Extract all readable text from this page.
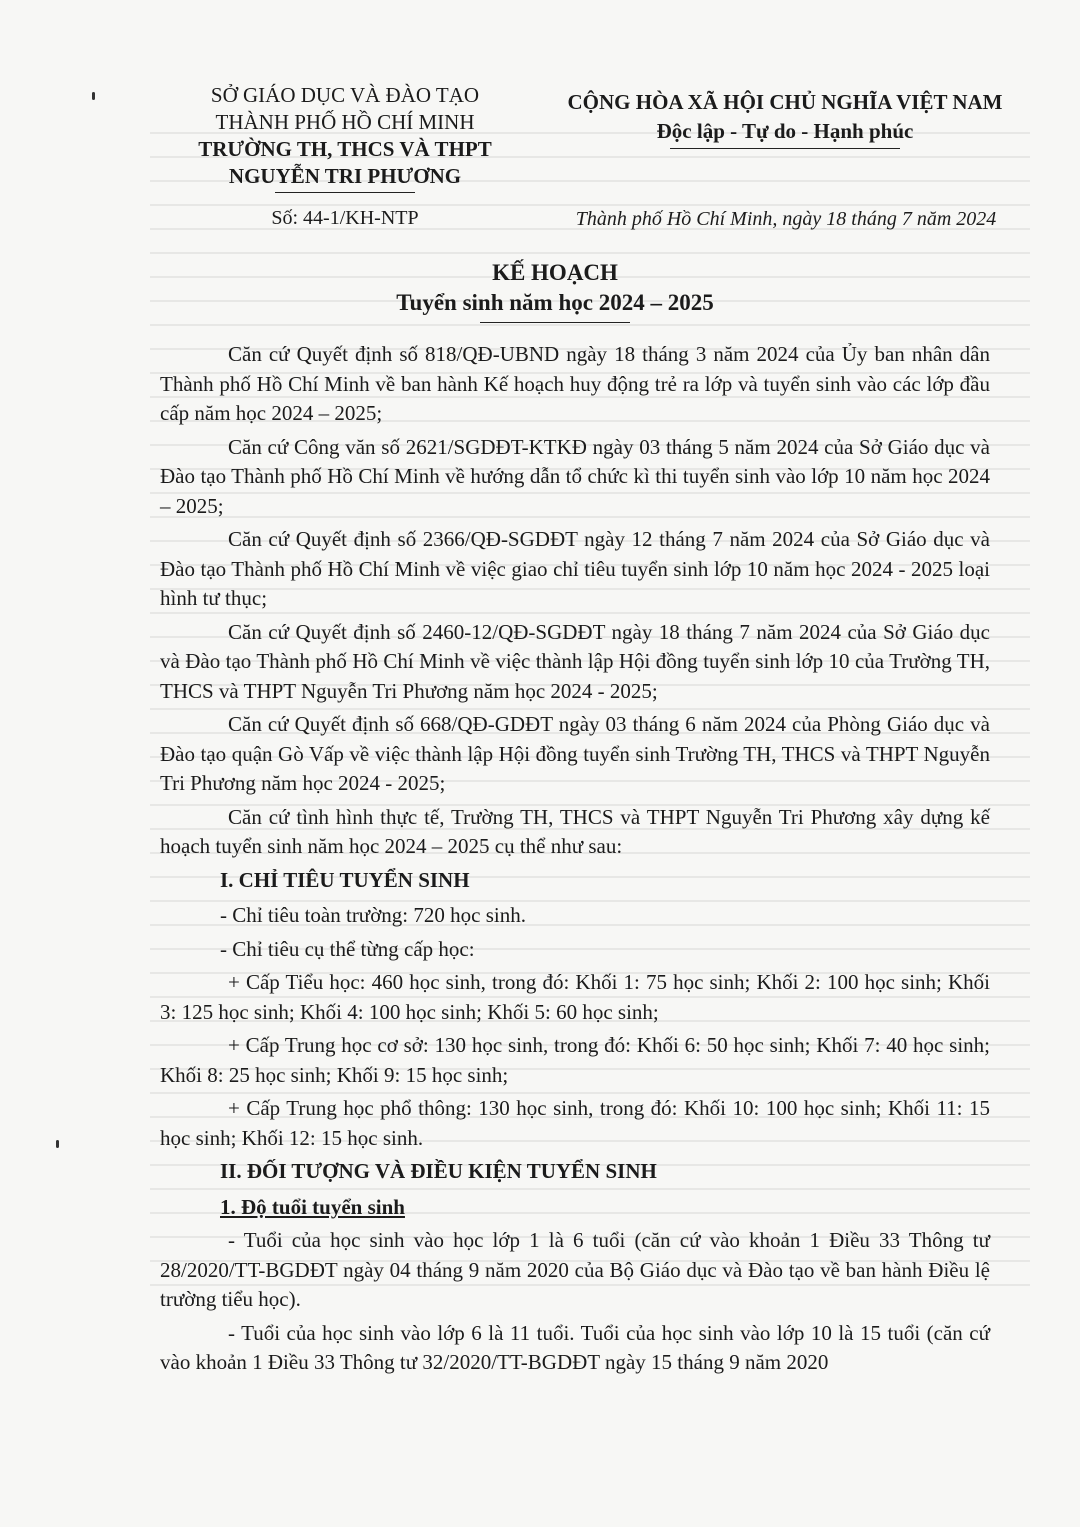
SỞ GIÁO DỤC VÀ ĐÀO TẠO
THÀNH PHỐ HỒ CHÍ MINH
TRƯỜNG TH, THCS VÀ THPT
NGUYỄN TRI PHƯƠNG
Số: 44-1/KH-NTP
CỘNG HÒA XÃ HỘI CHỦ NGHĨA VIỆT NAM
Độc lập - Tự do - Hạnh phúc
Thành phố Hồ Chí Minh, ngày 18 tháng 7 năm 2024
KẾ HOẠCH
Tuyển sinh năm học 2024 – 2025

Căn cứ Quyết định số 818/QĐ-UBND ngày 18 tháng 3 năm 2024 của Ủy ban nhân dân Thành phố Hồ Chí Minh về ban hành Kế hoạch huy động trẻ ra lớp và tuyển sinh vào các lớp đầu cấp năm học 2024 – 2025;

Căn cứ Công văn số 2621/SGDĐT-KTKĐ ngày 03 tháng 5 năm 2024 của Sở Giáo dục và Đào tạo Thành phố Hồ Chí Minh về hướng dẫn tổ chức kì thi tuyển sinh vào lớp 10 năm học 2024 – 2025;

Căn cứ Quyết định số 2366/QĐ-SGDĐT ngày 12 tháng 7 năm 2024 của Sở Giáo dục và Đào tạo Thành phố Hồ Chí Minh về việc giao chỉ tiêu tuyển sinh lớp 10 năm học 2024 - 2025 loại hình tư thục;

Căn cứ Quyết định số 2460-12/QĐ-SGDĐT ngày 18 tháng 7 năm 2024 của Sở Giáo dục và Đào tạo Thành phố Hồ Chí Minh về việc thành lập Hội đồng tuyển sinh lớp 10 của Trường TH, THCS và THPT Nguyễn Tri Phương năm học 2024 - 2025;

Căn cứ Quyết định số 668/QĐ-GDĐT ngày 03 tháng 6 năm 2024 của Phòng Giáo dục và Đào tạo quận Gò Vấp về việc thành lập Hội đồng tuyển sinh Trường TH, THCS và THPT Nguyễn Tri Phương năm học 2024 - 2025;

Căn cứ tình hình thực tế, Trường TH, THCS và THPT Nguyễn Tri Phương xây dựng kế hoạch tuyển sinh năm học 2024 – 2025 cụ thể như sau:

I. CHỈ TIÊU TUYỂN SINH

- Chỉ tiêu toàn trường: 720 học sinh.

- Chỉ tiêu cụ thể từng cấp học:

+ Cấp Tiểu học: 460 học sinh, trong đó: Khối 1: 75 học sinh; Khối 2: 100 học sinh; Khối 3: 125 học sinh; Khối 4: 100 học sinh; Khối 5: 60 học sinh;

+ Cấp Trung học cơ sở: 130 học sinh, trong đó: Khối 6: 50 học sinh; Khối 7: 40 học sinh; Khối 8: 25 học sinh; Khối 9: 15 học sinh;

+ Cấp Trung học phổ thông: 130 học sinh, trong đó: Khối 10: 100 học sinh; Khối 11: 15 học sinh; Khối 12: 15 học sinh.

II. ĐỐI TƯỢNG VÀ ĐIỀU KIỆN TUYỂN SINH
1. Độ tuổi tuyển sinh

- Tuổi của học sinh vào học lớp 1 là 6 tuổi (căn cứ vào khoản 1 Điều 33 Thông tư 28/2020/TT-BGDĐT ngày 04 tháng 9 năm 2020 của Bộ Giáo dục và Đào tạo về ban hành Điều lệ trường tiểu học).

- Tuổi của học sinh vào lớp 6 là 11 tuổi. Tuổi của học sinh vào lớp 10 là 15 tuổi (căn cứ vào khoản 1 Điều 33 Thông tư 32/2020/TT-BGDĐT ngày 15 tháng 9 năm 2020
